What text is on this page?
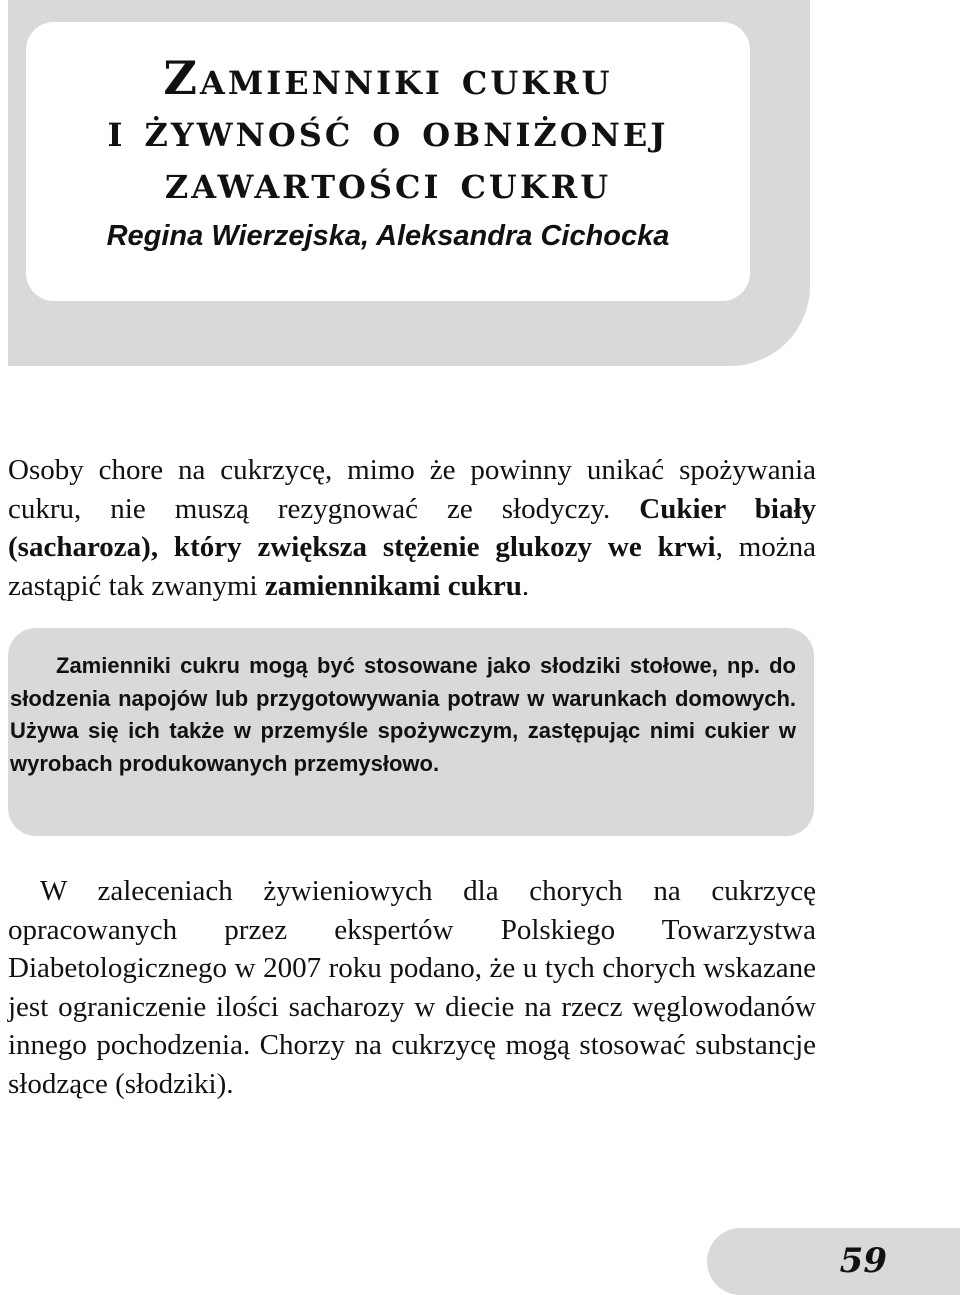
Zamienniki cukru
i żywność o obniżonej
zawartości cukru
Regina Wierzejska, Aleksandra Cichocka

Osoby chore na cukrzycę, mimo że powinny unikać spożywania cukru, nie muszą rezygnować ze słodyczy. Cukier biały (sacharoza), który zwiększa stężenie glukozy we krwi, można zastąpić tak zwanymi zamiennikami cukru.

Zamienniki cukru mogą być stosowane jako słodziki stołowe, np. do słodzenia napojów lub przygotowywania potraw w warunkach domowych. Używa się ich także w przemyśle spożywczym, zastępując nimi cukier w wyrobach produkowanych przemysłowo.

W zaleceniach żywieniowych dla chorych na cukrzycę opracowanych przez ekspertów Polskiego Towarzystwa Diabetologicznego w 2007 roku podano, że u tych chorych wskazane jest ograniczenie ilości sacharozy w diecie na rzecz węglowodanów innego pochodzenia. Chorzy na cukrzycę mogą stosować substancje słodzące (słodziki).

59
